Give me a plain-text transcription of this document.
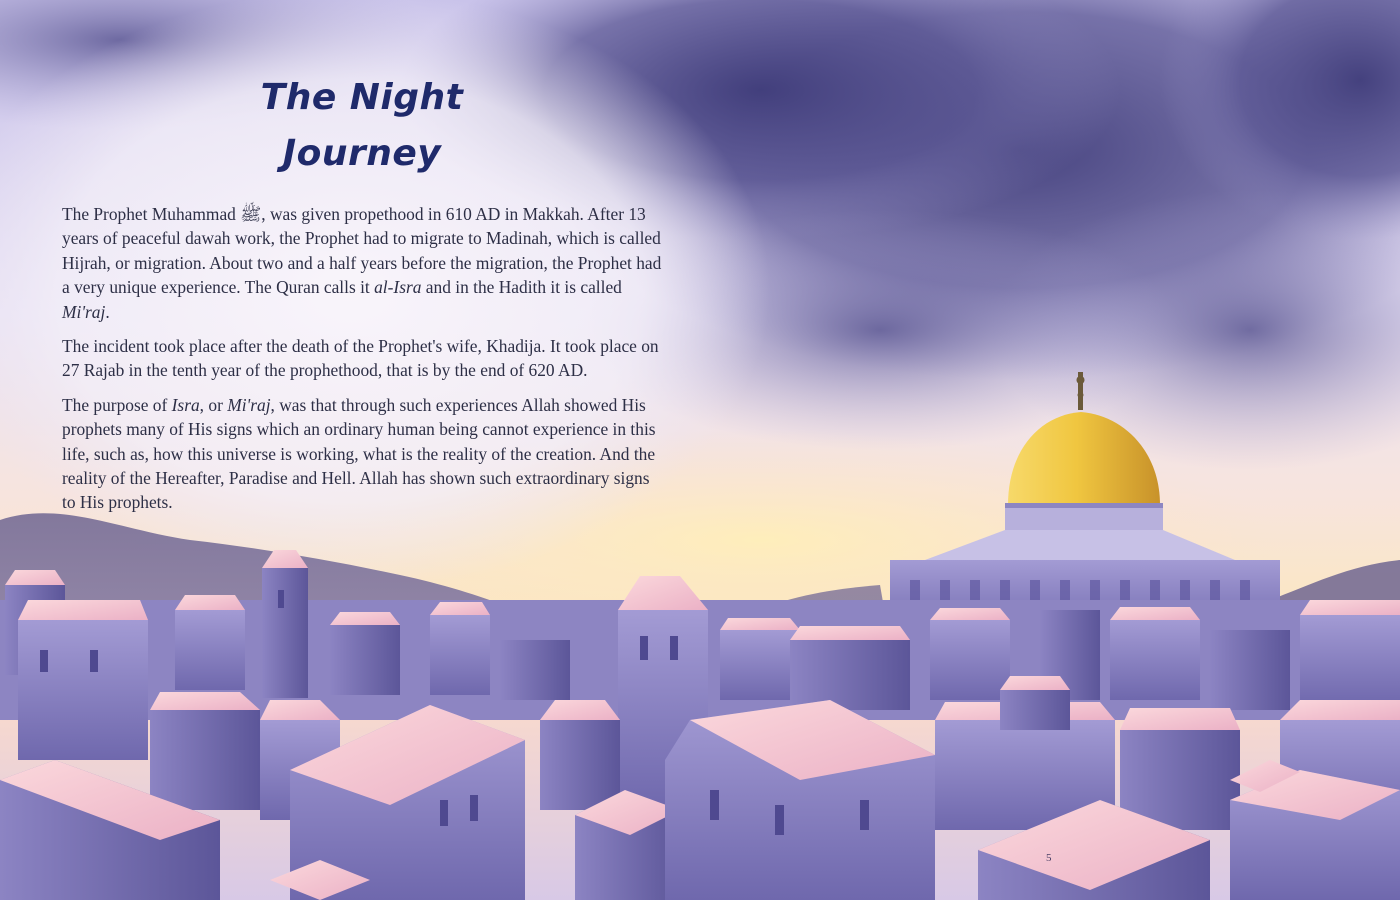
The Night Journey

The Prophet Muhammad ﷺ, was given propethood in 610 AD in Makkah. After 13 years of peaceful dawah work, the Prophet had to migrate to Madinah, which is called Hijrah, or migration. About two and a half years before the migration, the Prophet had a very unique experience. The Quran calls it al-Isra and in the Hadith it is called Mi'raj.

The incident took place after the death of the Prophet's wife, Khadija. It took place on 27 Rajab in the tenth year of the prophethood, that is by the end of 620 AD.

The purpose of Isra, or Mi'raj, was that through such experiences Allah showed His prophets many of His signs which an ordinary human being cannot experience in this life, such as, how this universe is working, what is the reality of the creation. And the reality of the Hereafter, Paradise and Hell. Allah has shown such extraordinary signs to His prophets.

5
